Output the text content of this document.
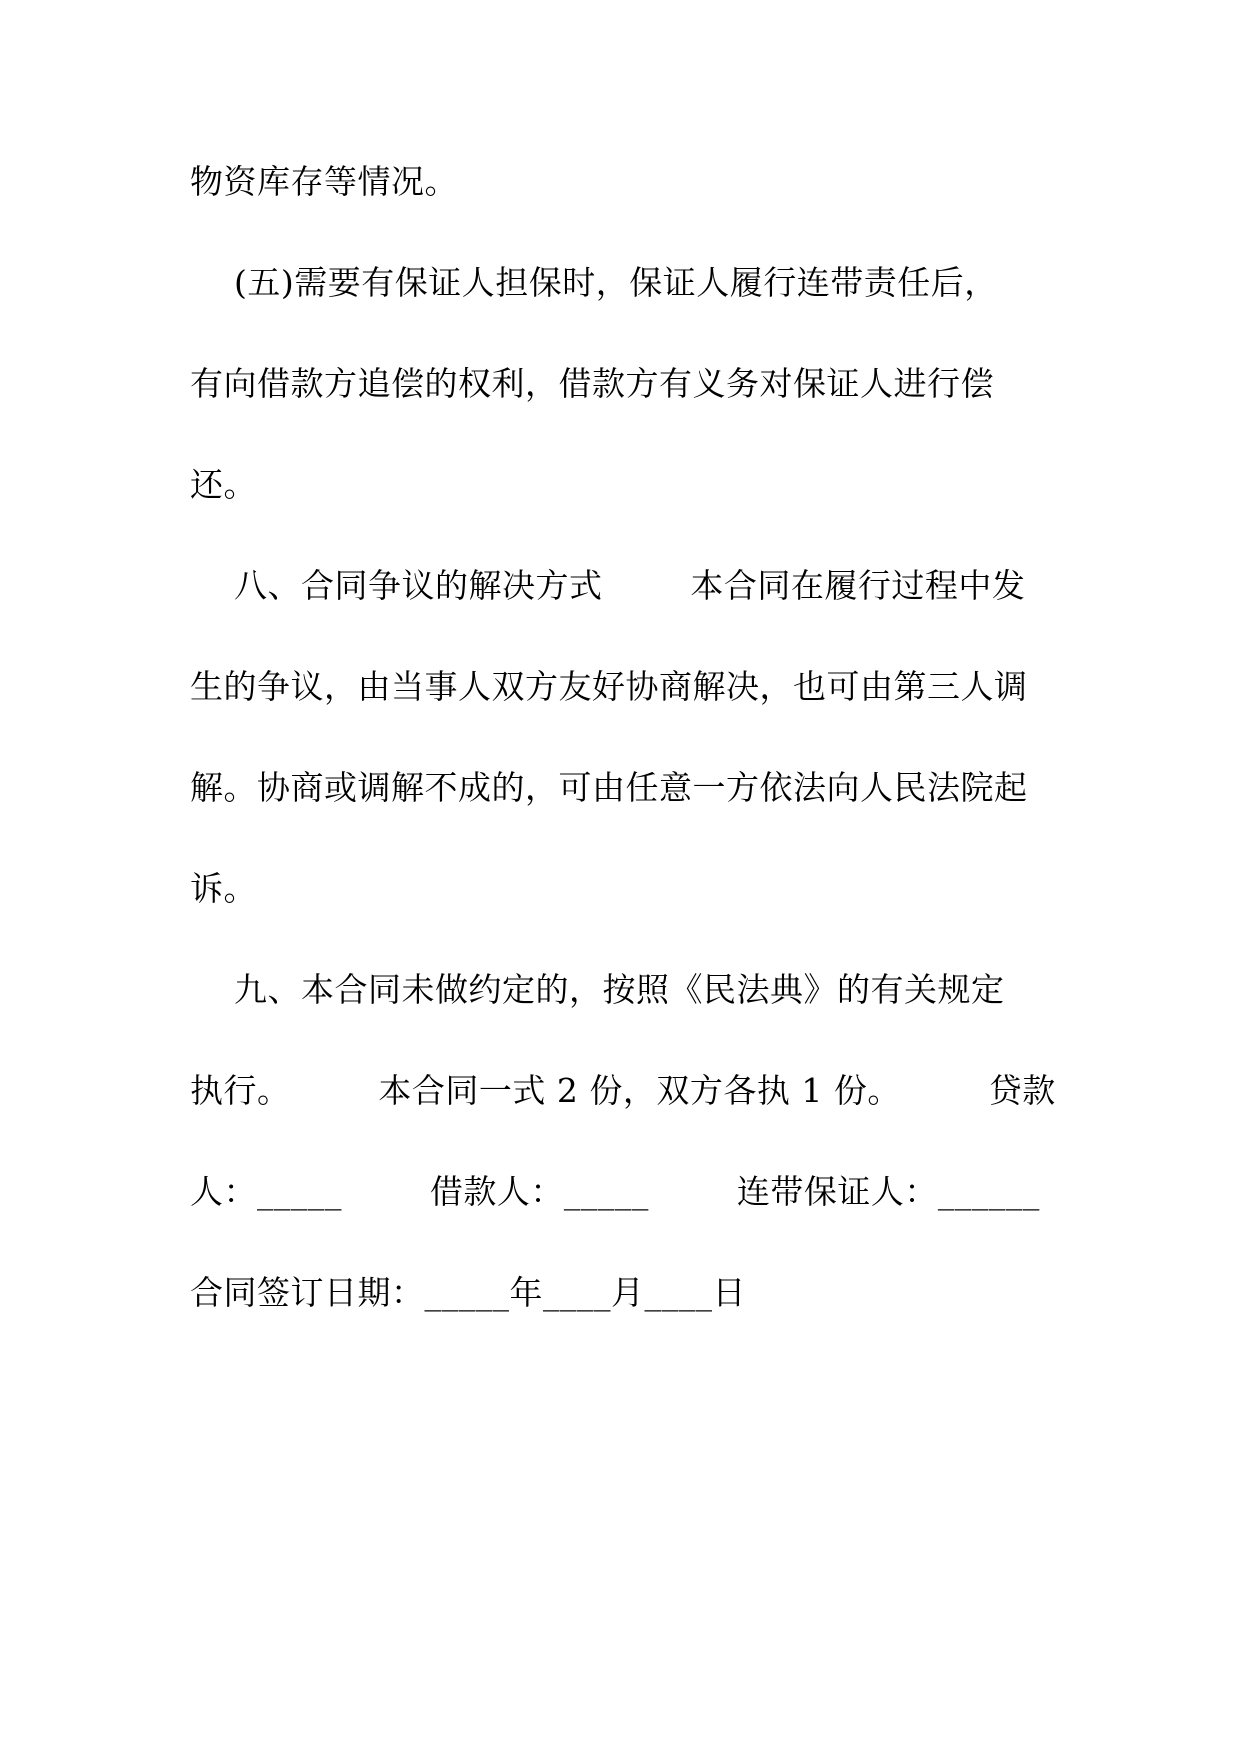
物资库存等情况。
(五)需要有保证人担保时，保证人履行连带责任后，
有向借款方追偿的权利，借款方有义务对保证人进行偿
还。
八、合同争议的解决方式        本合同在履行过程中发
生的争议，由当事人双方友好协商解决，也可由第三人调
解。协商或调解不成的，可由任意一方依法向人民法院起
诉。
九、本合同未做约定的，按照《民法典》的有关规定
执行。        本合同一式 2 份，双方各执 1 份。        贷款
人：_____        借款人：_____        连带保证人：______
合同签订日期：_____年____月____日
